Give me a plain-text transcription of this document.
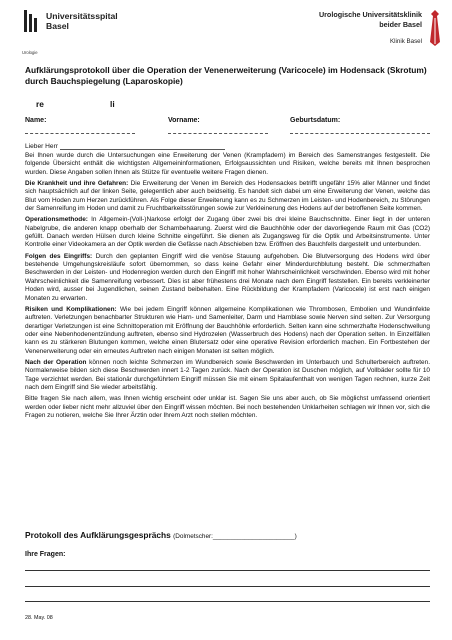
Universitätsspital
Basel
Urologie
Urologische Universitätsklinik
beider Basel
Klinik Basel
Aufklärungsprotokoll über die Operation der Venenerweiterung (Varicocele) im Hodensack (Skrotum) durch Bauchspiegelung (Laparoskopie)
re	li
Name:	Vorname:	Geburtsdatum:
Lieber Herr

Bei Ihnen wurde durch die Untersuchungen eine Erweiterung der Venen (Krampfadern) im Bereich des Samenstranges festgestellt. Die folgende Übersicht enthält die wichtigsten Allgemeininformationen, Erfolgsaussichten und Risiken, welche bereits mit Ihnen besprochen wurden. Diese Angaben sollen Ihnen als Stütze für eventuelle weitere Fragen dienen.

Die Krankheit und ihre Gefahren: Die Erweiterung der Venen im Bereich des Hodensackes betrifft ungefähr 15% aller Männer und findet sich hauptsächlich auf der linken Seite, gelegentlich aber auch beidseitig. Es handelt sich dabei um eine Erweiterung der Venen, welche das Blut vom Hoden zum Herzen zurückführen. Als Folge dieser Erweiterung kann es zu Schmerzen im Leisten- und Hodenbereich, zu Störungen der Samenreifung im Hoden und damit zu Fruchtbarkeitsstörungen sowie zur Verkleinerung des Hodens auf der betroffenen Seite kommen.

Operationsmethode: In Allgemein-(Voll-)Narkose erfolgt der Zugang über zwei bis drei kleine Bauchschnitte. Einer liegt in der unteren Nabelgrube, die anderen knapp oberhalb der Schambehaarung. Zuerst wird die Bauchhöhle oder der davorliegende Raum mit Gas (CO2) gefüllt. Danach werden Hülsen durch kleine Schnitte eingeführt. Sie dienen als Zugangsweg für die Optik und Arbeitsinstrumente. Unter Kontrolle einer Videokamera an der Optik werden die Gefässe nach Abschieben bzw. Eröffnen des Bauchfells dargestellt und unterbunden.

Folgen des Eingriffs: Durch den geplanten Eingriff wird die venöse Stauung aufgehoben. Die Blutversorgung des Hodens wird über bestehende Umgehungskreisläufe sofort übernommen, so dass keine Gefahr einer Minderdurchblutung besteht. Die schmerzhaften Beschwerden in der Leisten- und Hodenregion werden durch den Eingriff mit hoher Wahrscheinlichkeit verschwinden. Ebenso wird mit hoher Wahrscheinlichkeit die Samenreifung verbessert. Dies ist aber frühestens drei Monate nach dem Eingriff feststellen. Ein bereits verkleinerter Hoden wird, ausser bei Jugendlichen, seinen Zustand beibehalten. Eine Rückbildung der Krampfadern (Varicocele) ist erst nach einigen Monaten zu erwarten.

Risiken und Komplikationen: Wie bei jedem Eingriff können allgemeine Komplikationen wie Thrombosen, Embolien und Wundinfekte auftreten. Verletzungen benachbarter Strukturen wie Harn- und Samenleiter, Darm und Harnblase sowie Nerven sind selten. Zur Versorgung derartiger Verletzungen ist eine Schnittoperation mit Eröffnung der Bauchhöhle erforderlich. Selten kann eine schmerzhafte Hodenschwellung oder eine Nebenhodenentzündung auftreten, ebenso sind Hydrozelen (Wasserbruch des Hodens) nach der Operation selten. In Einzelfällen kann es zu stärkeren Blutungen kommen, welche einen Blutersatz oder eine operative Revision erforderlich machen. Ein Fortbestehen der Venenerweiterung oder ein erneutes Auftreten nach einigen Monaten ist selten möglich.

Nach der Operation können noch leichte Schmerzen im Wundbereich sowie Beschwerden im Unterbauch und Schulterbereich auftreten. Normalerweise bilden sich diese Beschwerden innert 1-2 Tagen zurück. Nach der Operation ist Duschen möglich, auf Vollbäder sollte für 10 Tage verzichtet werden. Bei stationär durchgeführtem Eingriff müssen Sie mit einem Spitalaufenthalt von wenigen Tagen rechnen, kurze Zeit nach dem Eingriff sind Sie wieder arbeitsfähig.

Bitte fragen Sie nach allem, was Ihnen wichtig erscheint oder unklar ist. Sagen Sie uns aber auch, ob Sie möglichst umfassend orientiert werden oder lieber nicht mehr allzuviel über den Eingriff wissen möchten. Bei noch bestehenden Unklarheiten schlagen wir Ihnen vor, sich die Fragen zu notieren, welche Sie Ihrer Ärztin oder Ihrem Arzt noch stellen möchten.

Protokoll des Aufklärungsgesprächs (Dolmetscher:_______________________)
Ihre Fragen:
28. May. 08
